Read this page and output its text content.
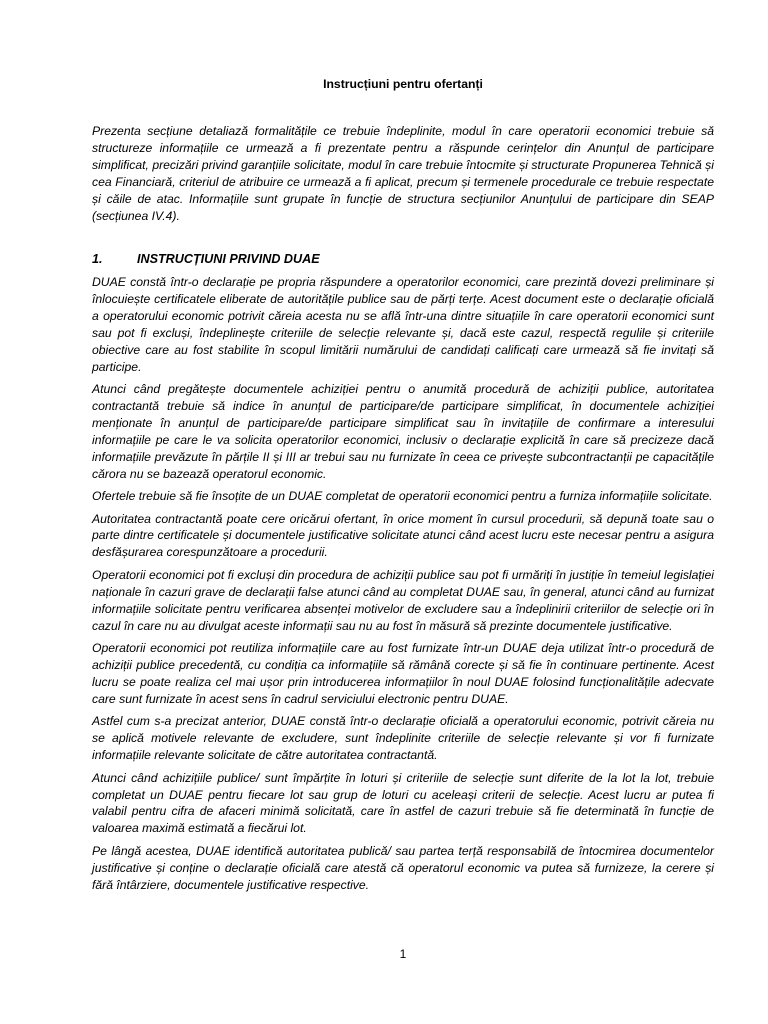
Instrucțiuni pentru ofertanți

Prezenta secțiune detaliază formalitățile ce trebuie îndeplinite, modul în care operatorii economici trebuie să structureze informațiile ce urmează a fi prezentate pentru a răspunde cerințelor din Anunțul de participare simplificat, precizări privind garanțiile solicitate, modul în care trebuie întocmite și structurate Propunerea Tehnică și cea Financiară, criteriul de atribuire ce urmează a fi aplicat, precum și termenele procedurale ce trebuie respectate și căile de atac. Informațiile sunt grupate în funcție de structura secțiunilor Anunțului de participare din SEAP (secțiunea IV.4).

1.	INSTRUCȚIUNI PRIVIND DUAE

DUAE constă într-o declarație pe propria răspundere a operatorilor economici, care prezintă dovezi preliminare și înlocuiește certificatele eliberate de autoritățile publice sau de părți terțe. Acest document este o declarație oficială a operatorului economic potrivit căreia acesta nu se află într-una dintre situațiile în care operatorii economici sunt sau pot fi excluși, îndeplinește criteriile de selecție relevante și, dacă este cazul, respectă regulile și criteriile obiective care au fost stabilite în scopul limitării numărului de candidați calificați care urmează să fie invitați să participe.

Atunci când pregătește documentele achiziției pentru o anumită procedură de achiziții publice, autoritatea contractantă trebuie să indice în anunțul de participare/de participare simplificat, în documentele achiziției menționate în anunțul de participare/de participare simplificat sau în invitațiile de confirmare a interesului informațiile pe care le va solicita operatorilor economici, inclusiv o declarație explicită în care să precizeze dacă informațiile prevăzute în părțile II și III ar trebui sau nu furnizate în ceea ce privește subcontractanții pe capacitățile cărora nu se bazează operatorul economic.

Ofertele trebuie să fie însoțite de un DUAE completat de operatorii economici pentru a furniza informațiile solicitate.

Autoritatea contractantă poate cere oricărui ofertant, în orice moment în cursul procedurii, să depună toate sau o parte dintre certificatele și documentele justificative solicitate atunci când acest lucru este necesar pentru a asigura desfășurarea corespunzătoare a procedurii.

Operatorii economici pot fi excluși din procedura de achiziții publice sau pot fi urmăriți în justiție în temeiul legislației naționale în cazuri grave de declarații false atunci când au completat DUAE sau, în general, atunci când au furnizat informațiile solicitate pentru verificarea absenței motivelor de excludere sau a îndeplinirii criteriilor de selecție ori în cazul în care nu au divulgat aceste informații sau nu au fost în măsură să prezinte documentele justificative.

Operatorii economici pot reutiliza informațiile care au fost furnizate într-un DUAE deja utilizat într-o procedură de achiziții publice precedentă, cu condiția ca informațiile să rămână corecte și să fie în continuare pertinente. Acest lucru se poate realiza cel mai ușor prin introducerea informațiilor în noul DUAE folosind funcționalitățile adecvate care sunt furnizate în acest sens în cadrul serviciului electronic pentru DUAE.

Astfel cum s-a precizat anterior, DUAE constă într-o declarație oficială a operatorului economic, potrivit căreia nu se aplică motivele relevante de excludere, sunt îndeplinite criteriile de selecție relevante și vor fi furnizate informațiile relevante solicitate de către autoritatea contractantă.

Atunci când achizițiile publice/ sunt împărțite în loturi și criteriile de selecție sunt diferite de la lot la lot, trebuie completat un DUAE pentru fiecare lot sau grup de loturi cu aceleași criterii de selecție. Acest lucru ar putea fi valabil pentru cifra de afaceri minimă solicitată, care în astfel de cazuri trebuie să fie determinată în funcție de valoarea maximă estimată a fiecărui lot.

Pe lângă acestea, DUAE identifică autoritatea publică/ sau partea terță responsabilă de întocmirea documentelor justificative și conține o declarație oficială care atestă că operatorul economic va putea să furnizeze, la cerere și fără întârziere, documentele justificative respective.

1
